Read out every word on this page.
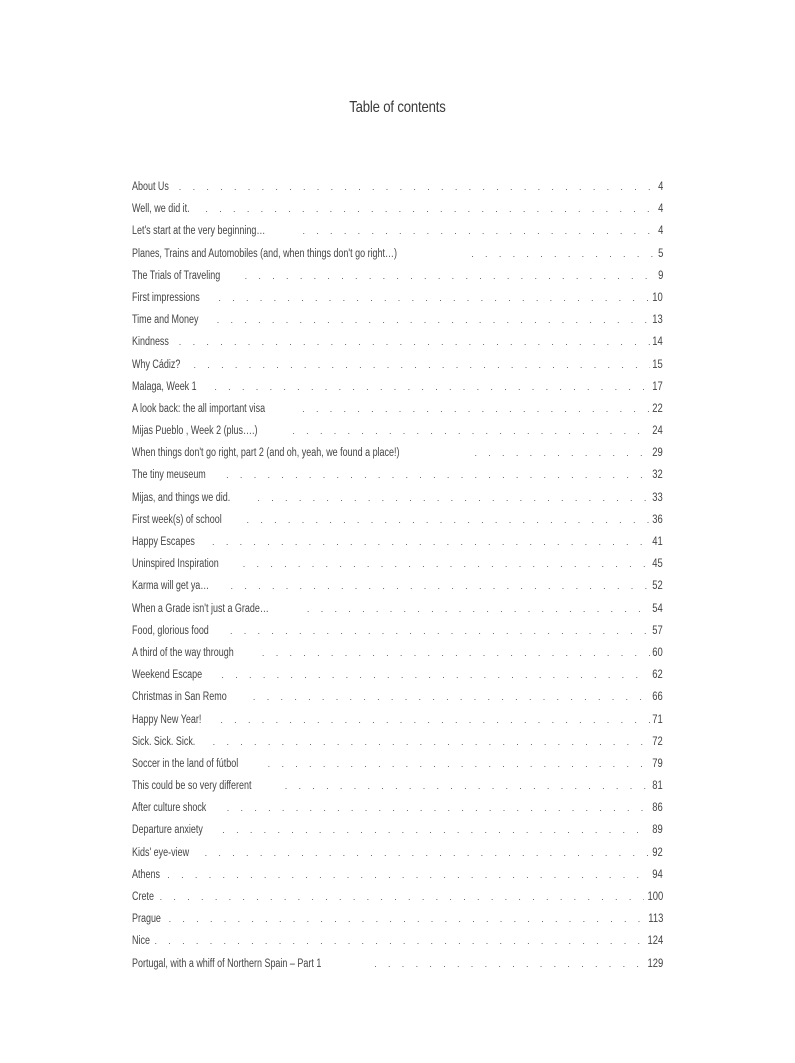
Table of contents
About Us . . .	4
Well, we did it. . . .	4
Let's start at the very beginning… . . .	4
Planes, Trains and Automobiles (and, when things don't go right…) . . .	5
The Trials of Traveling . . .	9
First impressions . . .	10
Time and Money . . .	13
Kindness . . .	14
Why Cádiz? . . .	15
Malaga, Week 1 . . .	17
A look back: the all important visa . . .	22
Mijas Pueblo , Week 2 (plus….) . . .	24
When things don't go right, part 2 (and oh, yeah, we found a place!) . . .	29
The tiny meuseum . . .	32
Mijas, and things we did. . . .	33
First week(s) of school . . .	36
Happy Escapes . . .	41
Uninspired Inspiration . . .	45
Karma will get ya… . . .	52
When a Grade isn't just a Grade… . . .	54
Food, glorious food . . .	57
A third of the way through . . .	60
Weekend Escape . . .	62
Christmas in San Remo . . .	66
Happy New Year! . . .	71
Sick. Sick. Sick. . . .	72
Soccer in the land of fútbol . . .	79
This could be so very different . . .	81
After culture shock . . .	86
Departure anxiety . . .	89
Kids' eye-view . . .	92
Athens . . .	94
Crete . . .	100
Prague . . .	113
Nice . . .	124
Portugal, with a whiff of Northern Spain – Part 1 . . .	129
